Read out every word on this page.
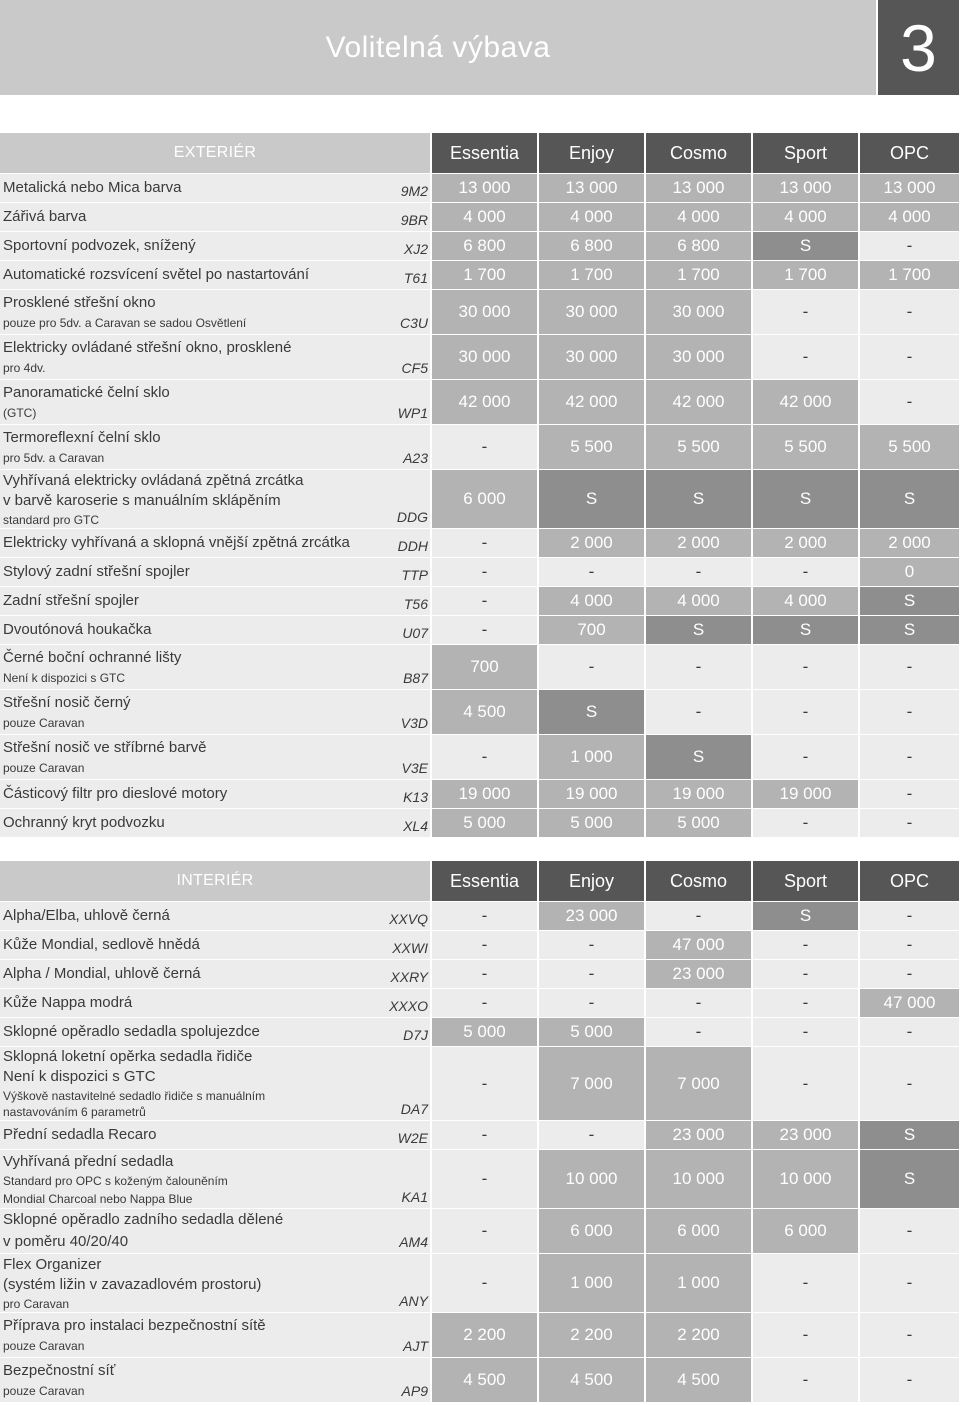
Volitelná výbava	3
EXTERIÉR	Essentia	Enjoy	Cosmo	Sport	OPC
Metalická nebo Mica barva	9M2	13 000	13 000	13 000	13 000	13 000
Zářivá barva	9BR	4 000	4 000	4 000	4 000	4 000
Sportovní podvozek, snížený	XJ2	6 800	6 800	6 800	S	-
Automatické rozsvícení světel po nastartování	T61	1 700	1 700	1 700	1 700	1 700
Prosklené střešní okno
pouze pro 5dv. a Caravan se sadou Osvětlení	C3U
30 000	30 000	30 000	-	-
Elektricky ovládané střešní okno, prosklené
pro 4dv.	CF5
30 000	30 000	30 000	-	-
Panoramatické čelní sklo
(GTC)	WP1
42 000	42 000	42 000	42 000	-
Termoreflexní čelní sklo
pro 5dv. a Caravan	A23
-	5 500	5 500	5 500	5 500
Vyhřívaná elektricky ovládaná zpětná zrcátka
v barvě karoserie s manuálním sklápěním
standard pro GTC	DDG
6 000	S	S	S	S
Elektricky vyhřívaná a sklopná vnější zpětná zrcátka	DDH	-	2 000	2 000	2 000	2 000
Stylový zadní střešní spojler	TTP	-	-	-	-	0
Zadní střešní spojler	T56	-	4 000	4 000	4 000	S
Dvoutónová houkačka	U07	-	700	S	S	S
Černé boční ochranné lišty
Není k dispozici s GTC	B87
700	-	-	-	-
Střešní nosič černý
pouze Caravan	V3D
4 500	S	-	-	-
Střešní nosič ve stříbrné barvě
pouze Caravan	V3E
-	1 000	S	-	-
Částicový filtr pro dieslové motory	K13	19 000	19 000	19 000	19 000	-
Ochranný kryt podvozku	XL4	5 000	5 000	5 000	-	-
INTERIÉR	Essentia	Enjoy	Cosmo	Sport	OPC
Alpha/Elba, uhlově černá	XXVQ	-	23 000	-	S	-
Kůže Mondial, sedlově hnědá	XXWI	-	-	47 000	-	-
Alpha / Mondial, uhlově černá	XXRY	-	-	23 000	-	-
Kůže Nappa modrá	XXXO	-	-	-	-	47 000
Sklopné opěradlo sedadla spolujezdce	D7J	5 000	5 000	-	-	-
Sklopná loketní opěrka sedadla řidiče
Není k dispozici s GTC
Výškově nastavitelné sedadlo řidiče s manuálním
nastavováním 6 parametrů	DA7
-	7 000	7 000	-	-
Přední sedadla Recaro	W2E	-	-	23 000	23 000	S
Vyhřívaná přední sedadla
Standard pro OPC s koženým čalouněním
Mondial Charcoal nebo Nappa Blue	KA1
-	10 000	10 000	10 000	S
Sklopné opěradlo zadního sedadla dělené
v poměru 40/20/40	AM4
-	6 000	6 000	6 000	-
Flex Organizer
(systém ližin v zavazadlovém prostoru)
pro Caravan	ANY
-	1 000	1 000	-	-
Příprava pro instalaci bezpečnostní sítě
pouze Caravan	AJT
2 200	2 200	2 200	-	-
Bezpečnostní síť
pouze Caravan	AP9
4 500	4 500	4 500	-	-
